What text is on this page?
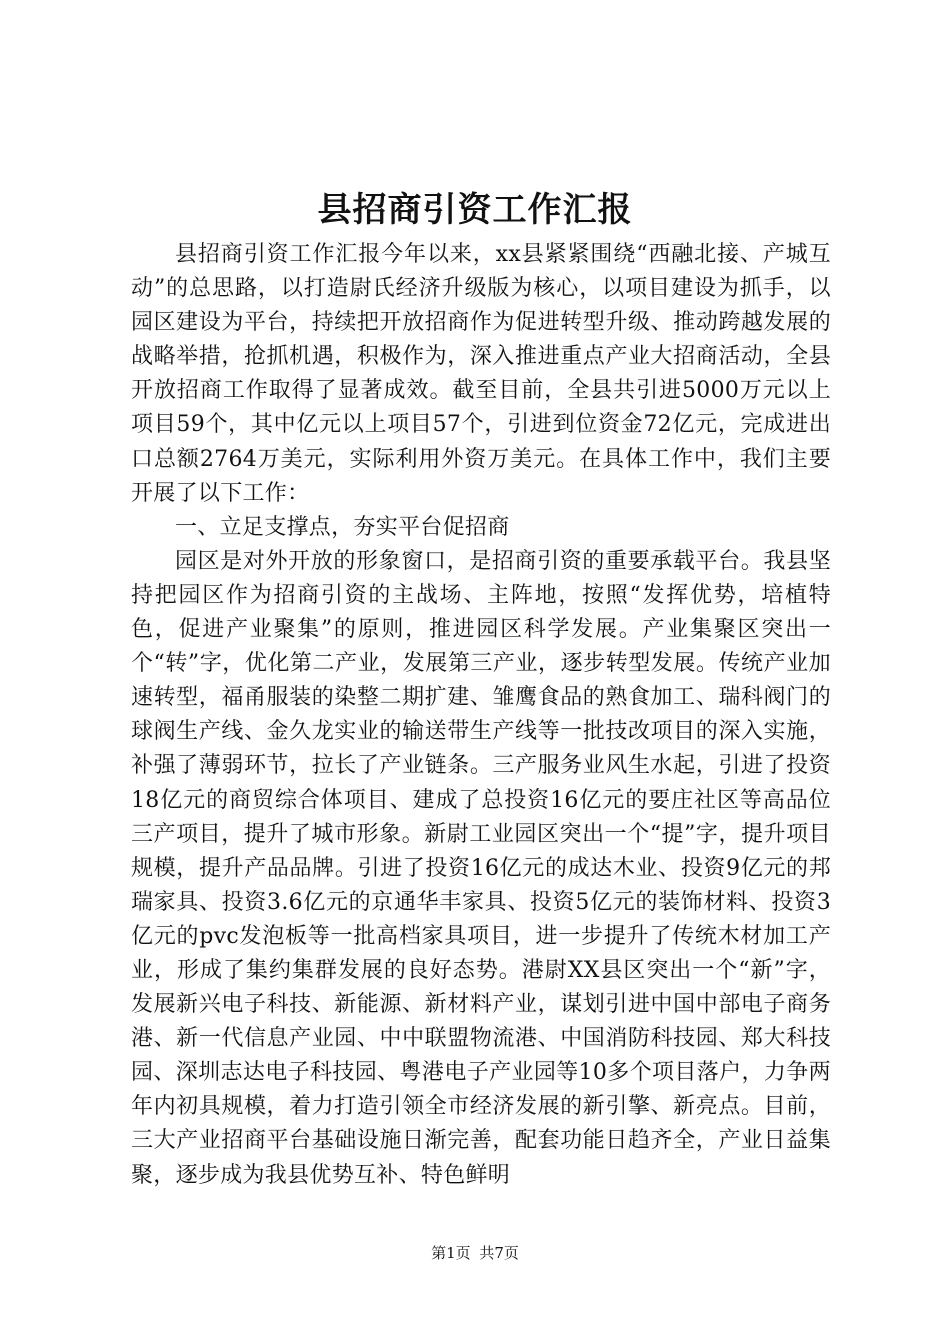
县招商引资工作汇报

县招商引资工作汇报今年以来，xx县紧紧围绕“西融北接、产城互动”的总思路，以打造尉氏经济升级版为核心，以项目建设为抓手，以园区建设为平台，持续把开放招商作为促进转型升级、推动跨越发展的战略举措，抢抓机遇，积极作为，深入推进重点产业大招商活动，全县开放招商工作取得了显著成效。截至目前，全县共引进5000万元以上项目59个，其中亿元以上项目57个，引进到位资金72亿元，完成进出口总额2764万美元，实际利用外资万美元。在具体工作中，我们主要开展了以下工作：

一、立足支撑点，夯实平台促招商

园区是对外开放的形象窗口，是招商引资的重要承载平台。我县坚持把园区作为招商引资的主战场、主阵地，按照“发挥优势，培植特色，促进产业聚集”的原则，推进园区科学发展。产业集聚区突出一个“转”字，优化第二产业，发展第三产业，逐步转型发展。传统产业加速转型，福甬服装的染整二期扩建、雏鹰食品的熟食加工、瑞科阀门的球阀生产线、金久龙实业的输送带生产线等一批技改项目的深入实施，补强了薄弱环节，拉长了产业链条。三产服务业风生水起，引进了投资18亿元的商贸综合体项目、建成了总投资16亿元的要庄社区等高品位三产项目，提升了城市形象。新尉工业园区突出一个“提”字，提升项目规模，提升产品品牌。引进了投资16亿元的成达木业、投资9亿元的邦瑞家具、投资3.6亿元的京通华丰家具、投资5亿元的装饰材料、投资3亿元的pvc发泡板等一批高档家具项目，进一步提升了传统木材加工产业，形成了集约集群发展的良好态势。港尉XX县区突出一个“新”字，发展新兴电子科技、新能源、新材料产业，谋划引进中国中部电子商务港、新一代信息产业园、中中联盟物流港、中国消防科技园、郑大科技园、深圳志达电子科技园、粤港电子产业园等10多个项目落户，力争两年内初具规模，着力打造引领全市经济发展的新引擎、新亮点。目前，三大产业招商平台基础设施日渐完善，配套功能日趋齐全，产业日益集聚，逐步成为我县优势互补、特色鲜明

第1页 共7页
